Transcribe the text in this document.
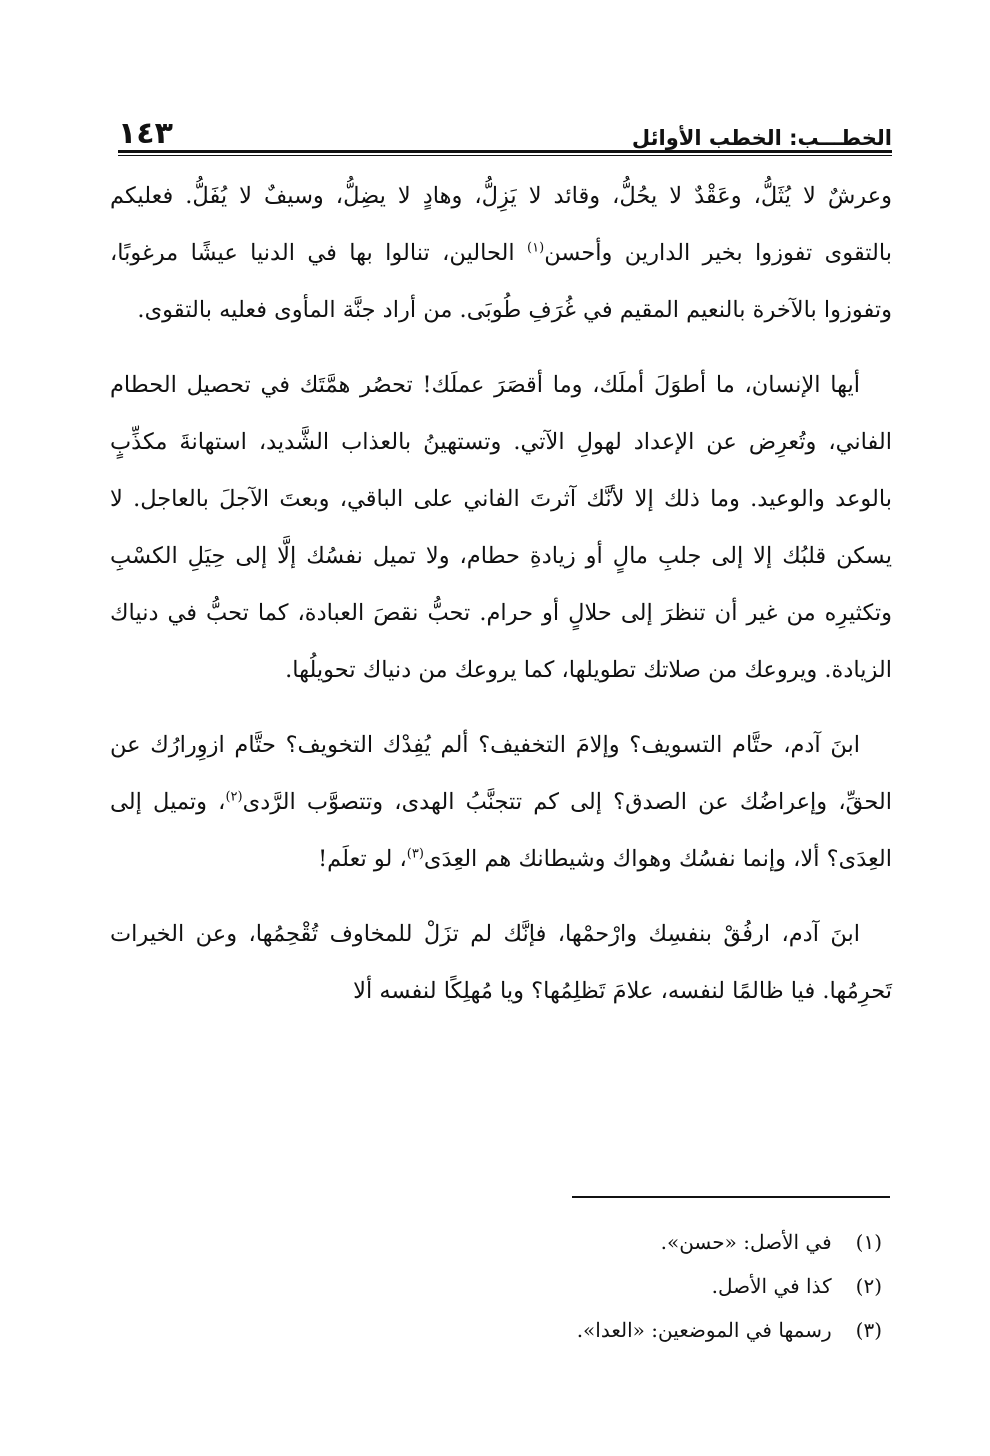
الخطـــب: الخطب الأوائل
١٤٣

وعرشٌ لا يُثَلُّ، وعَقْدٌ لا يحُلُّ، وقائد لا يَزِلُّ، وهادٍ لا يضِلُّ، وسيفٌ لا يُفَلُّ. فعليكم بالتقوى تفوزوا بخير الدارين وأحسن$^{(١)}$ الحالين، تنالوا بها في الدنيا عيشًا مرغوبًا، وتفوزوا بالآخرة بالنعيم المقيم في غُرَفِ طُوبَى. من أراد جنَّة المأوى فعليه بالتقوى.

أيها الإنسان، ما أطوَلَ أملَك، وما أقصَرَ عملَك! تحصُر همَّتَك في تحصيل الحطام الفاني، وتُعرِض عن الإعداد لهولِ الآتي. وتستهينُ بالعذاب الشَّديد، استهانةَ مكذِّبٍ بالوعد والوعيد. وما ذلك إلا لأنَّك آثرتَ الفاني على الباقي، وبعتَ الآجلَ بالعاجل. لا يسكن قلبُك إلا إلى جلبِ مالٍ أو زيادةِ حطام، ولا تميل نفسُك إلَّا إلى حِيَلِ الكسْبِ وتكثيرِه من غير أن تنظرَ إلى حلالٍ أو حرام. تحبُّ نقصَ العبادة، كما تحبُّ في دنياك الزيادة. ويروعك من صلاتك تطويلها، كما يروعك من دنياك تحويلُها.

ابنَ آدم، حتَّام التسويف؟ وإلامَ التخفيف؟ ألم يُفِدْك التخويف؟ حتَّام ازوِرارُك عن الحقِّ، وإعراضُك عن الصدق؟ إلى كم تتجنَّبُ الهدى، وتتصوَّب الرَّدى$^{(٢)}$، وتميل إلى العِدَى؟ ألا، وإنما نفسُك وهواك وشيطانك هم العِدَى$^{(٣)}$، لو تعلَم!

ابنَ آدم، ارفُقْ بنفسِك وارْحمْها، فإنَّك لم تزَلْ للمخاوف تُقْحِمُها، وعن الخيرات تَحرِمُها. فيا ظالمًا لنفسه، علامَ تَظلِمُها؟ ويا مُهلِكًا لنفسه ألا

(١) في الأصل: «حسن».

(٢) كذا في الأصل.

(٣) رسمها في الموضعين: «العدا».
